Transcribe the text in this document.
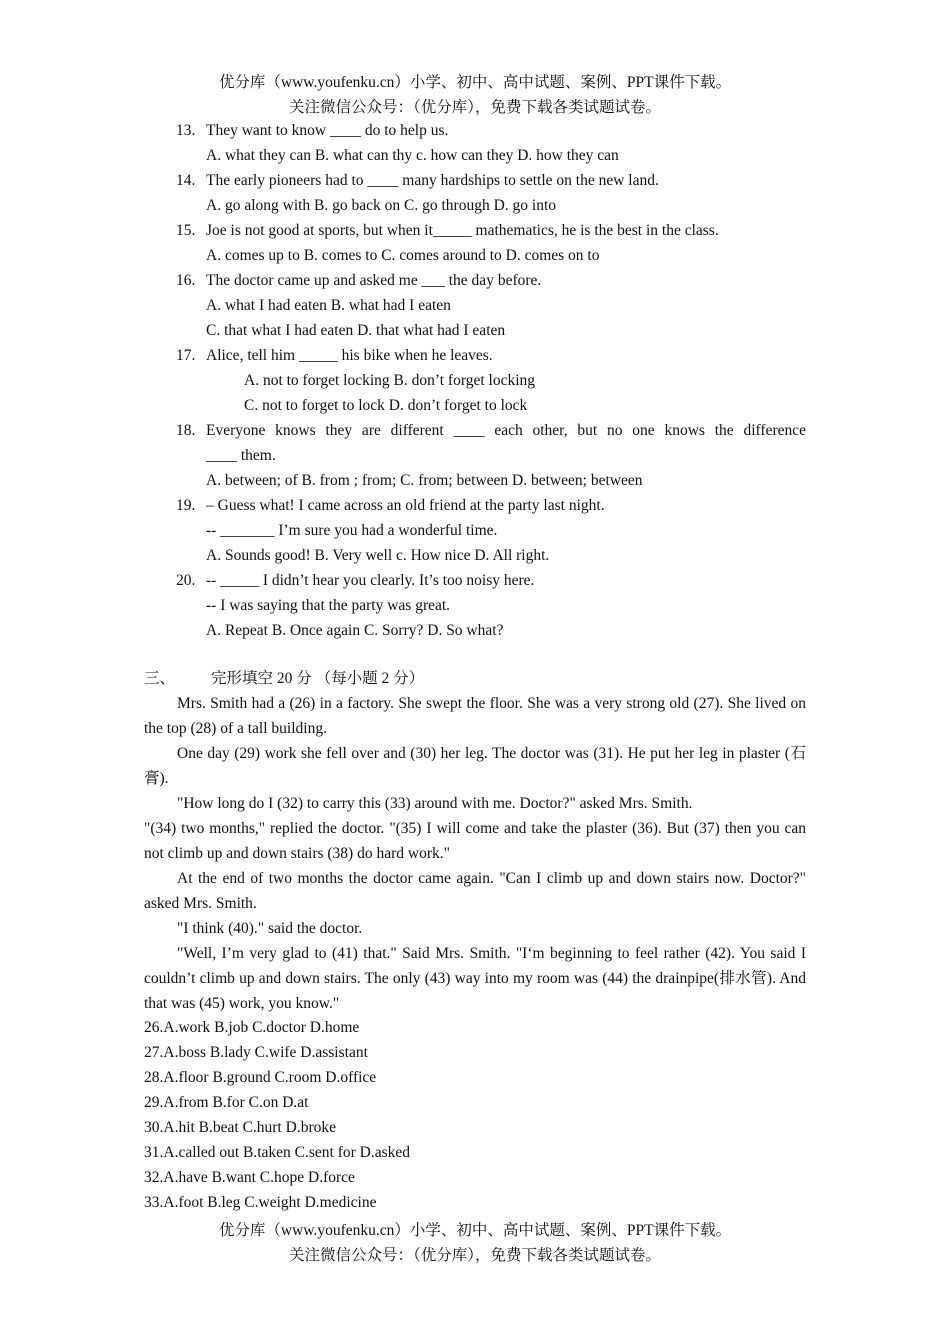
优分库（www.youfenku.cn）小学、初中、高中试题、案例、PPT课件下载。
关注微信公众号：（优分库），免费下载各类试题试卷。
13. They want to know ____ do to help us.
A. what they can B. what can thy c. how can they D. how they can
14. The early pioneers had to ____ many hardships to settle on the new land.
A. go along with B. go back on C. go through D. go into
15. Joe is not good at sports, but when it_____ mathematics, he is the best in the class.
A. comes up to B. comes to C. comes around to D. comes on to
16. The doctor came up and asked me ___ the day before.
A. what I had eaten B. what had I eaten
C. that what I had eaten D. that what had I eaten
17. Alice, tell him _____ his bike when he leaves.
A. not to forget locking B. don’t forget locking
C. not to forget to lock D. don’t forget to lock
18. Everyone knows they are different ____ each other, but no one knows the difference
____ them.
A. between; of B. from ; from; C. from; between D. between; between
19. – Guess what! I came across an old friend at the party last night.
-- _______ I’m sure you had a wonderful time.
A. Sounds good! B. Very well c. How nice D. All right.
20. -- _____ I didn’t hear you clearly. It’s too noisy here.
-- I was saying that the party was great.
A. Repeat B. Once again C. Sorry? D. So what?
三、 完形填空 20 分 （每小题 2 分）
Mrs. Smith had a (26) in a factory. She swept the floor. She was a very strong old (27). She lived on the top (28) of a tall building.
One day (29) work she fell over and (30) her leg. The doctor was (31). He put her leg in plaster (石膏).
"How long do I (32) to carry this (33) around with me. Doctor?" asked Mrs. Smith.
"(34) two months," replied the doctor. "(35) I will come and take the plaster (36). But (37) then you can not climb up and down stairs (38) do hard work."
At the end of two months the doctor came again. "Can I climb up and down stairs now. Doctor?" asked Mrs. Smith.
"I think (40)." said the doctor.
"Well, I’m very glad to (41) that." Said Mrs. Smith. "I‘m beginning to feel rather (42). You said I couldn’t climb up and down stairs. The only (43) way into my room was (44) the drainpipe(排水管). And that was (45) work, you know."
26.A.work B.job C.doctor D.home
27.A.boss B.lady C.wife D.assistant
28.A.floor B.ground C.room D.office
29.A.from B.for C.on D.at
30.A.hit B.beat C.hurt D.broke
31.A.called out B.taken C.sent for D.asked
32.A.have B.want C.hope D.force
33.A.foot B.leg C.weight D.medicine
优分库（www.youfenku.cn）小学、初中、高中试题、案例、PPT课件下载。
关注微信公众号：（优分库），免费下载各类试题试卷。
